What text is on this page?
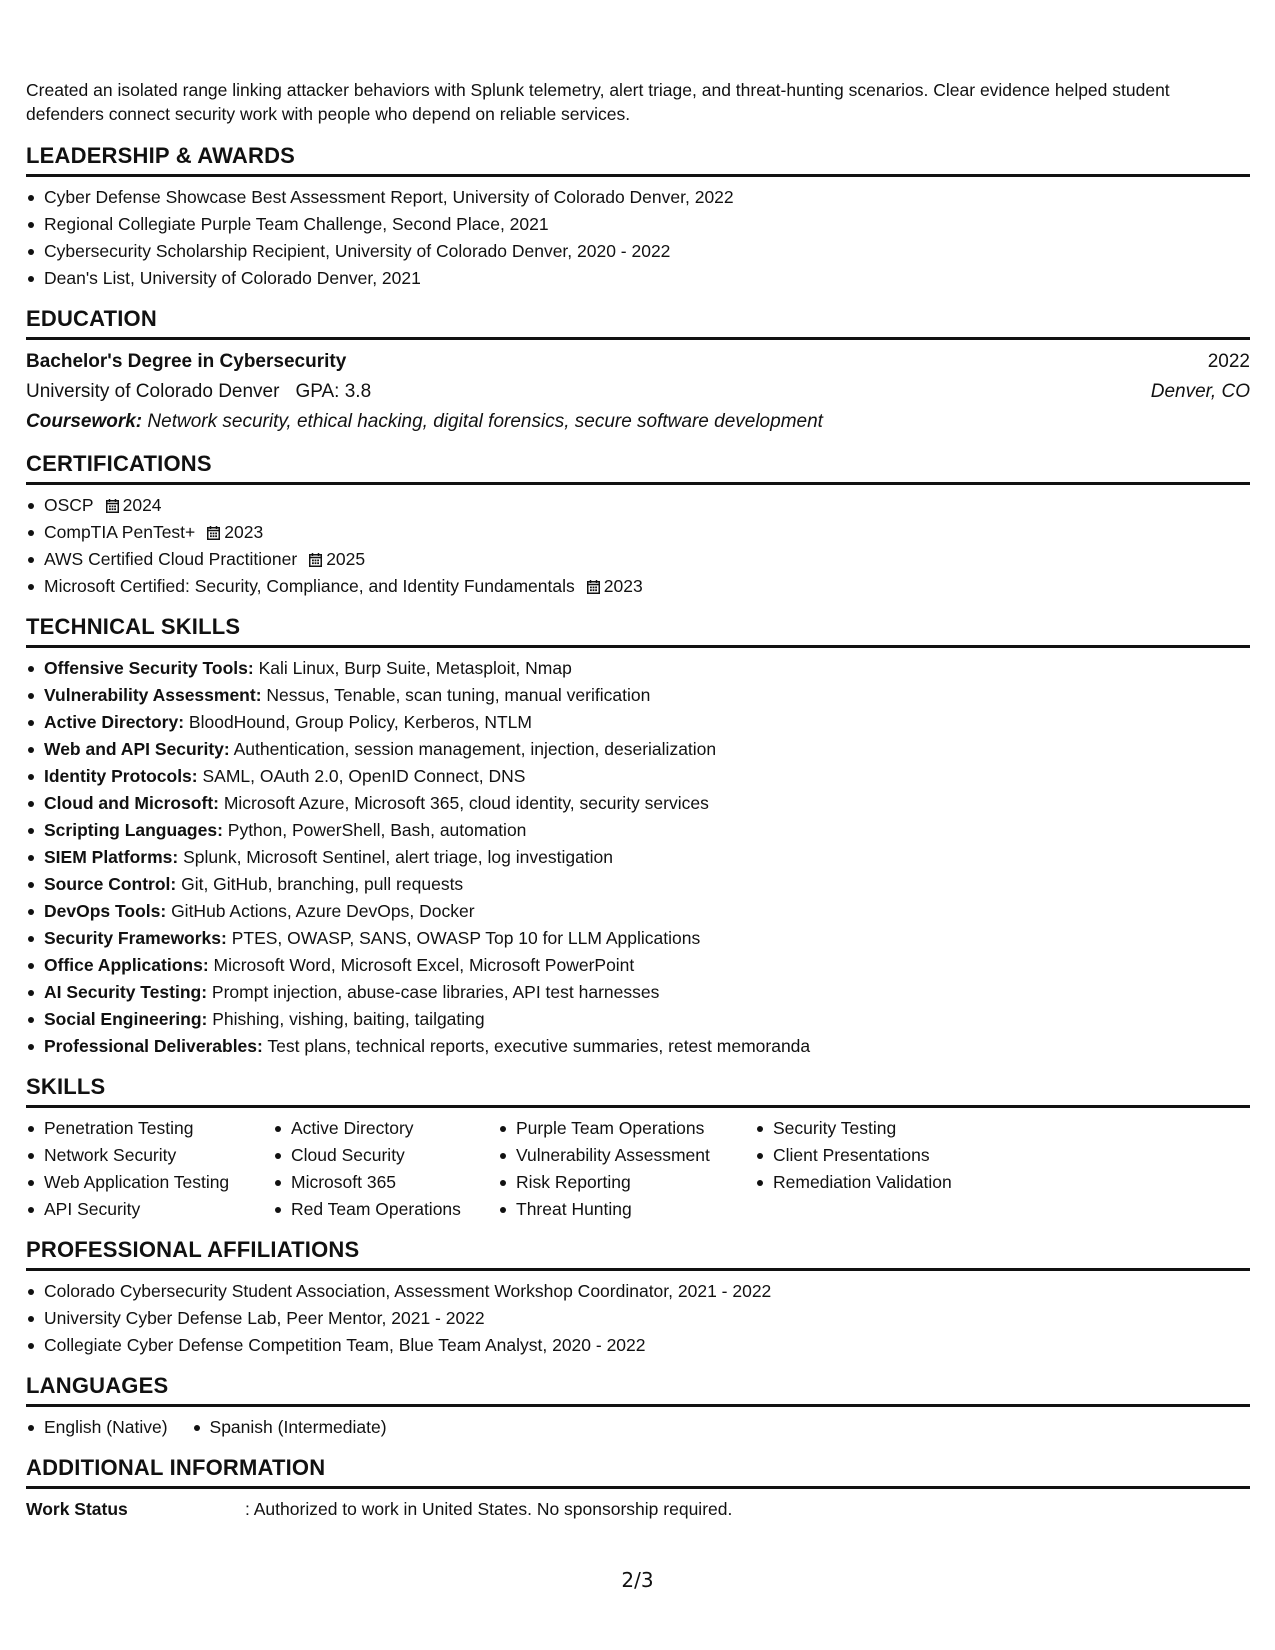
Created an isolated range linking attacker behaviors with Splunk telemetry, alert triage, and threat-hunting scenarios. Clear evidence helped student defenders connect security work with people who depend on reliable services.

LEADERSHIP & AWARDS
Cyber Defense Showcase Best Assessment Report, University of Colorado Denver, 2022
Regional Collegiate Purple Team Challenge, Second Place, 2021
Cybersecurity Scholarship Recipient, University of Colorado Denver, 2020 - 2022
Dean's List, University of Colorado Denver, 2021
EDUCATION
Bachelor's Degree in Cybersecurity	2022
University of Colorado Denver GPA: 3.8	Denver, CO
Coursework: Network security, ethical hacking, digital forensics, secure software development
CERTIFICATIONS
OSCP 2024
CompTIA PenTest+ 2023
AWS Certified Cloud Practitioner 2025
Microsoft Certified: Security, Compliance, and Identity Fundamentals 2023
TECHNICAL SKILLS
Offensive Security Tools: Kali Linux, Burp Suite, Metasploit, Nmap
Vulnerability Assessment: Nessus, Tenable, scan tuning, manual verification
Active Directory: BloodHound, Group Policy, Kerberos, NTLM
Web and API Security: Authentication, session management, injection, deserialization
Identity Protocols: SAML, OAuth 2.0, OpenID Connect, DNS
Cloud and Microsoft: Microsoft Azure, Microsoft 365, cloud identity, security services
Scripting Languages: Python, PowerShell, Bash, automation
SIEM Platforms: Splunk, Microsoft Sentinel, alert triage, log investigation
Source Control: Git, GitHub, branching, pull requests
DevOps Tools: GitHub Actions, Azure DevOps, Docker
Security Frameworks: PTES, OWASP, SANS, OWASP Top 10 for LLM Applications
Office Applications: Microsoft Word, Microsoft Excel, Microsoft PowerPoint
AI Security Testing: Prompt injection, abuse-case libraries, API test harnesses
Social Engineering: Phishing, vishing, baiting, tailgating
Professional Deliverables: Test plans, technical reports, executive summaries, retest memoranda
SKILLS
Penetration Testing
Network Security
Web Application Testing
API Security
Active Directory
Cloud Security
Microsoft 365
Red Team Operations
Purple Team Operations
Vulnerability Assessment
Risk Reporting
Threat Hunting
Security Testing
Client Presentations
Remediation Validation
PROFESSIONAL AFFILIATIONS
Colorado Cybersecurity Student Association, Assessment Workshop Coordinator, 2021 - 2022
University Cyber Defense Lab, Peer Mentor, 2021 - 2022
Collegiate Cyber Defense Competition Team, Blue Team Analyst, 2020 - 2022
LANGUAGES
English (Native)	Spanish (Intermediate)
ADDITIONAL INFORMATION
Work Status	: Authorized to work in United States. No sponsorship required.
2/3
